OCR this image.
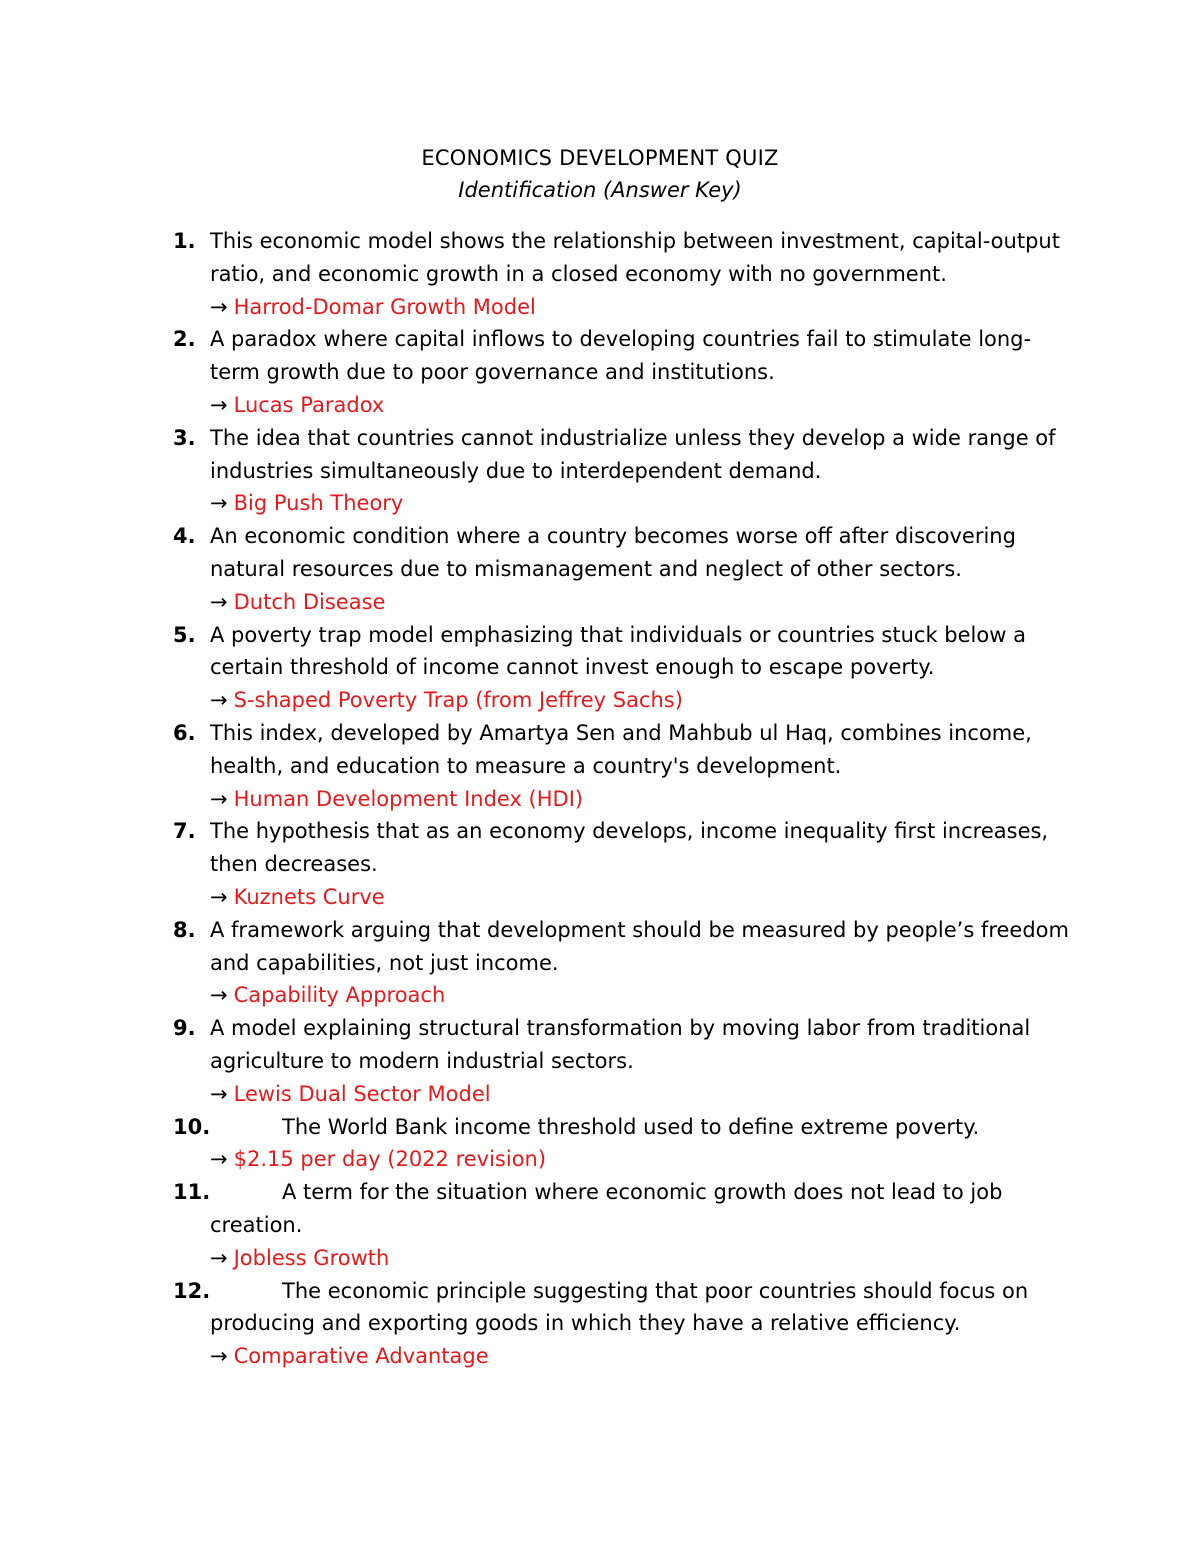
ECONOMICS DEVELOPMENT QUIZ
Identification (Answer Key)
1. This economic model shows the relationship between investment, capital-output ratio, and economic growth in a closed economy with no government.
→ Harrod-Domar Growth Model
2. A paradox where capital inflows to developing countries fail to stimulate long-term growth due to poor governance and institutions.
→ Lucas Paradox
3. The idea that countries cannot industrialize unless they develop a wide range of industries simultaneously due to interdependent demand.
→ Big Push Theory
4. An economic condition where a country becomes worse off after discovering natural resources due to mismanagement and neglect of other sectors.
→ Dutch Disease
5. A poverty trap model emphasizing that individuals or countries stuck below a certain threshold of income cannot invest enough to escape poverty.
→ S-shaped Poverty Trap (from Jeffrey Sachs)
6. This index, developed by Amartya Sen and Mahbub ul Haq, combines income, health, and education to measure a country's development.
→ Human Development Index (HDI)
7. The hypothesis that as an economy develops, income inequality first increases, then decreases.
→ Kuznets Curve
8. A framework arguing that development should be measured by people’s freedom and capabilities, not just income.
→ Capability Approach
9. A model explaining structural transformation by moving labor from traditional agriculture to modern industrial sectors.
→ Lewis Dual Sector Model
10.	The World Bank income threshold used to define extreme poverty.
→ $2.15 per day (2022 revision)
11.	A term for the situation where economic growth does not lead to job creation.
→ Jobless Growth
12.	The economic principle suggesting that poor countries should focus on producing and exporting goods in which they have a relative efficiency.
→ Comparative Advantage
